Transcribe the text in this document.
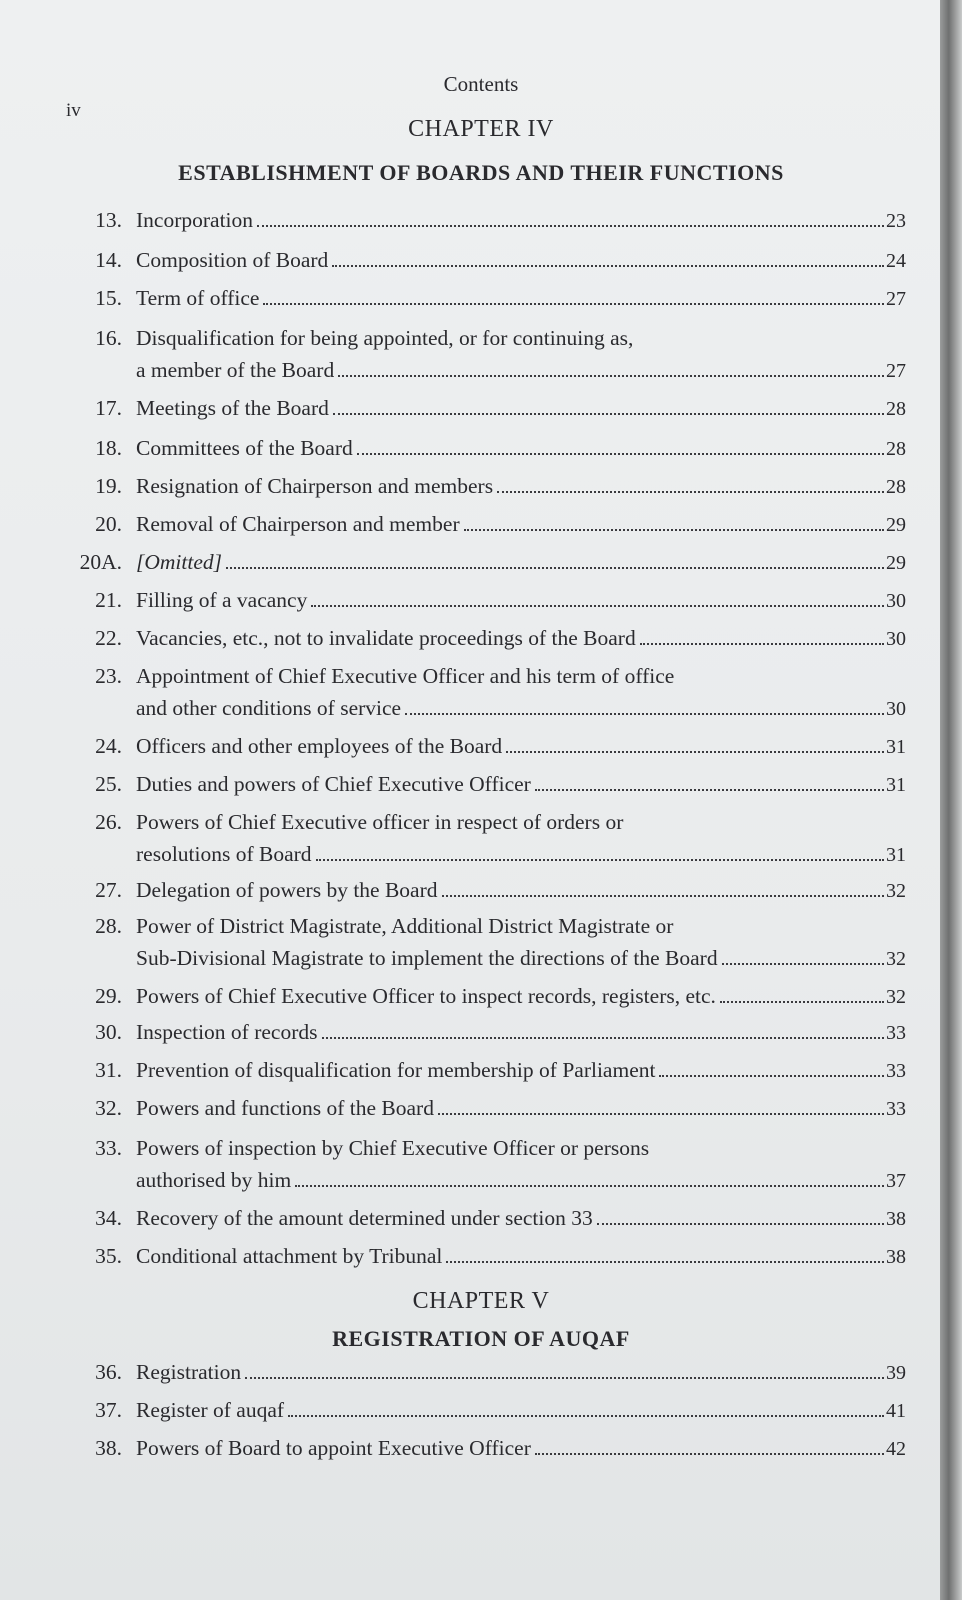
Contents
iv
CHAPTER IV
ESTABLISHMENT OF BOARDS AND THEIR FUNCTIONS
13. Incorporation	23
14. Composition of Board	24
15. Term of office	27
16. Disqualification for being appointed, or for continuing as,
a member of the Board	27
17. Meetings of the Board	28
18. Committees of the Board	28
19. Resignation of Chairperson and members	28
20. Removal of Chairperson and member	29
20A. [Omitted]	29
21. Filling of a vacancy	30
22. Vacancies, etc., not to invalidate proceedings of the Board	30
23. Appointment of Chief Executive Officer and his term of office
and other conditions of service	30
24. Officers and other employees of the Board	31
25. Duties and powers of Chief Executive Officer	31
26. Powers of Chief Executive officer in respect of orders or
resolutions of Board	31
27. Delegation of powers by the Board	32
28. Power of District Magistrate, Additional District Magistrate or
Sub-Divisional Magistrate to implement the directions of the Board	32
29. Powers of Chief Executive Officer to inspect records, registers, etc.	32
30. Inspection of records	33
31. Prevention of disqualification for membership of Parliament	33
32. Powers and functions of the Board	33
33. Powers of inspection by Chief Executive Officer or persons
authorised by him	37
34. Recovery of the amount determined under section 33	38
35. Conditional attachment by Tribunal	38
CHAPTER V
REGISTRATION OF AUQAF
36. Registration	39
37. Register of auqaf	41
38. Powers of Board to appoint Executive Officer	42
